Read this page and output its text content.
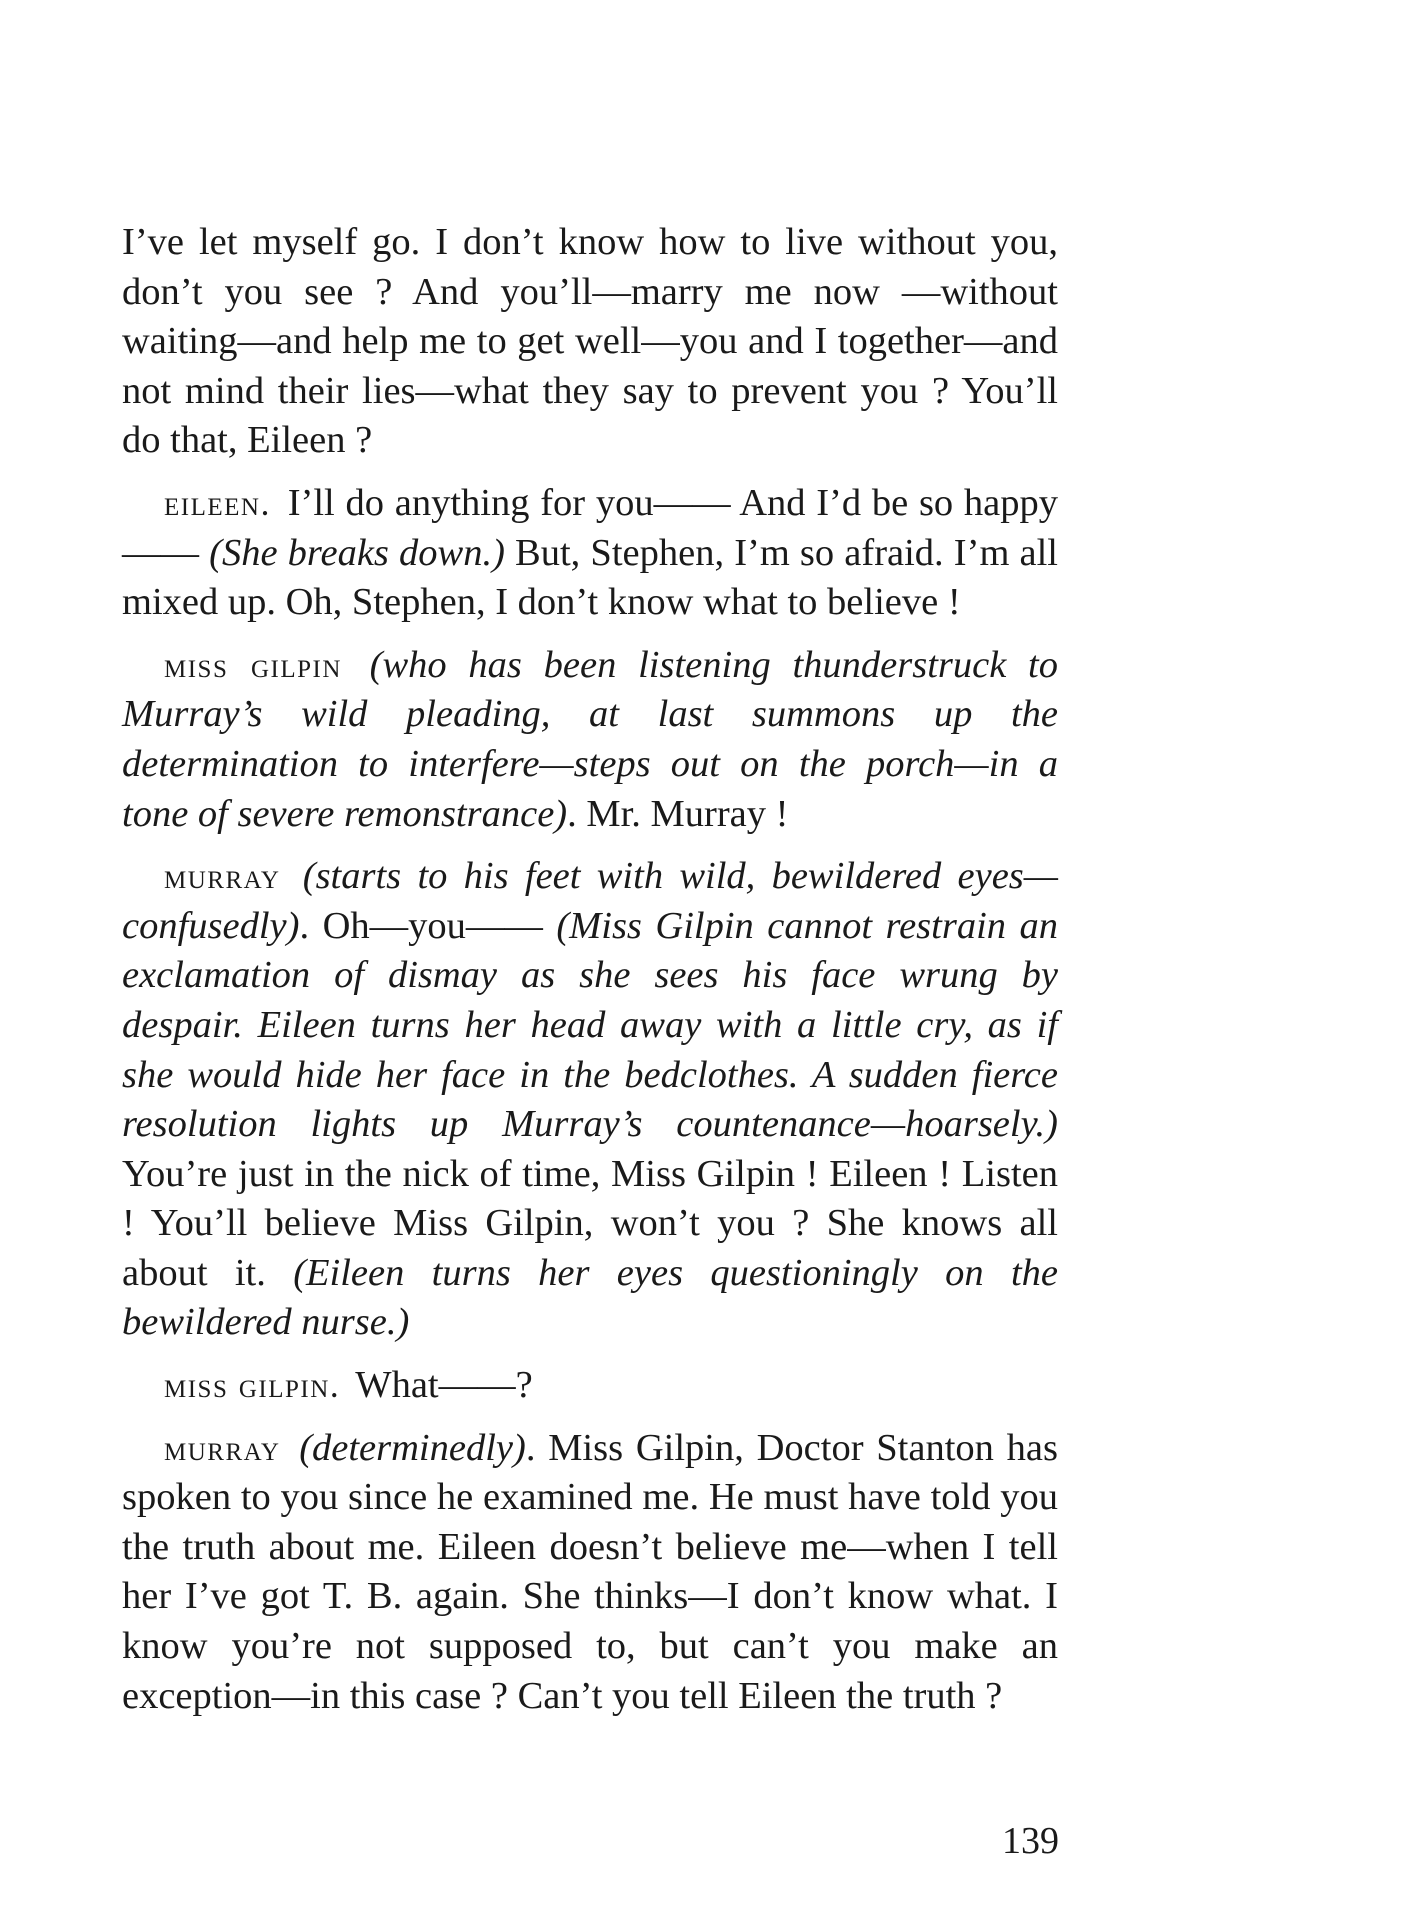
I’ve let myself go. I don’t know how to live without you, don’t you see ? And you’ll—marry me now —without waiting—and help me to get well—you and I together—and not mind their lies—what they say to prevent you ? You’ll do that, Eileen ?

eileen. I’ll do anything for you—— And I’d be so happy—— (She breaks down.) But, Stephen, I’m so afraid. I’m all mixed up. Oh, Stephen, I don’t know what to believe !

miss gilpin (who has been listening thunderstruck to Murray’s wild pleading, at last summons up the determination to interfere—steps out on the porch—in a tone of severe remonstrance). Mr. Murray !

murray (starts to his feet with wild, bewildered eyes—confusedly). Oh—you—— (Miss Gilpin cannot restrain an exclamation of dismay as she sees his face wrung by despair. Eileen turns her head away with a little cry, as if she would hide her face in the bedclothes. A sudden fierce resolution lights up Murray’s countenance—hoarsely.) You’re just in the nick of time, Miss Gilpin ! Eileen ! Listen ! You’ll believe Miss Gilpin, won’t you ? She knows all about it. (Eileen turns her eyes questioningly on the bewildered nurse.)

miss gilpin. What——?

murray (determinedly). Miss Gilpin, Doctor Stanton has spoken to you since he examined me. He must have told you the truth about me. Eileen doesn’t believe me—when I tell her I’ve got T. B. again. She thinks—I don’t know what. I know you’re not supposed to, but can’t you make an exception—in this case ? Can’t you tell Eileen the truth ?

139
